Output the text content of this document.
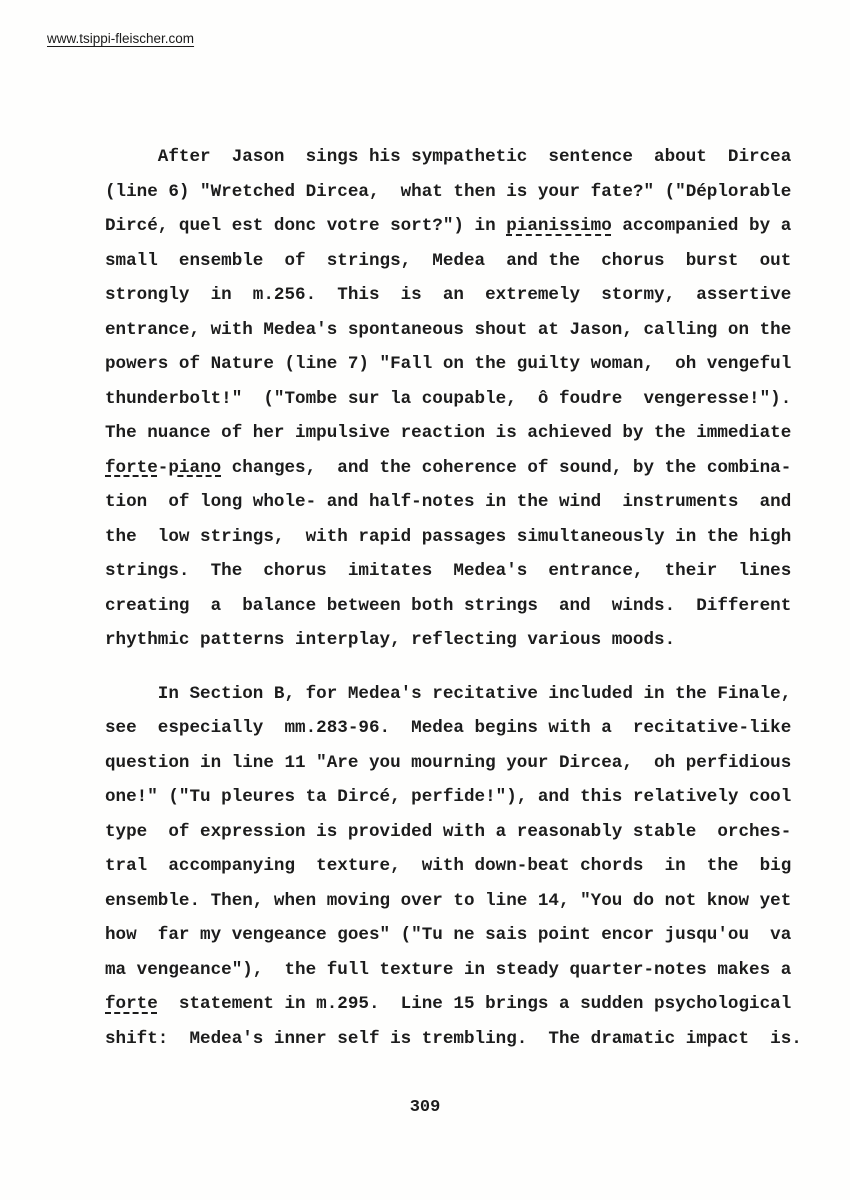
www.tsippi-fleischer.com
After  Jason  sings his sympathetic  sentence  about  Dircea
(line 6) "Wretched Dircea,  what then is your fate?" ("Déplorable
Dircé, quel est donc votre sort?") in pianissimo accompanied by a
small  ensemble  of  strings,  Medea  and the  chorus  burst  out
strongly  in  m.256.  This  is  an  extremely  stormy,  assertive
entrance, with Medea's spontaneous shout at Jason, calling on the
powers of Nature (line 7) "Fall on the guilty woman,  oh vengeful
thunderbolt!"  ("Tombe sur la coupable,  ô foudre  vengeresse!").
The nuance of her impulsive reaction is achieved by the immediate
forte-piano changes,  and the coherence of sound, by the combina-
tion  of long whole- and half-notes in the wind  instruments  and
the  low strings,  with rapid passages simultaneously in the high
strings.  The  chorus  imitates  Medea's  entrance,  their  lines
creating  a  balance between both strings  and  winds.  Different
rhythmic patterns interplay, reflecting various moods.
In Section B, for Medea's recitative included in the Finale,
see  especially  mm.283-96.  Medea begins with a  recitative-like
question in line 11 "Are you mourning your Dircea,  oh perfidious
one!" ("Tu pleures ta Dircé, perfide!"), and this relatively cool
type  of expression is provided with a reasonably stable  orches-
tral  accompanying  texture,  with down-beat chords  in  the  big
ensemble. Then, when moving over to line 14, "You do not know yet
how  far my vengeance goes" ("Tu ne sais point encor jusqu'ou  va
ma vengeance"),  the full texture in steady quarter-notes makes a
forte  statement in m.295.  Line 15 brings a sudden psychological
shift:  Medea's inner self is trembling.  The dramatic impact  is.
309
